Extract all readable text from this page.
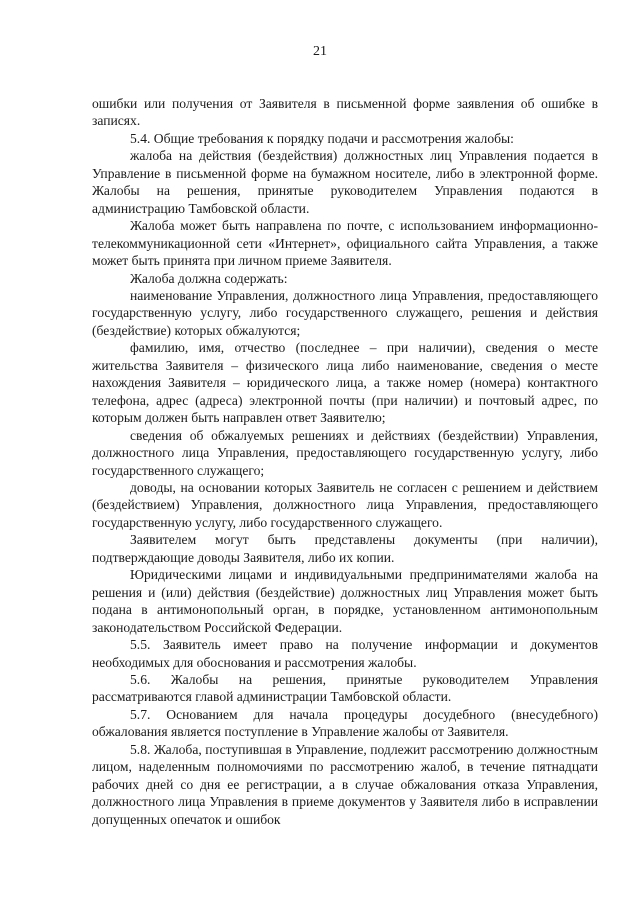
21

ошибки или получения от Заявителя в письменной форме заявления об ошибке в записях.

5.4. Общие требования к порядку подачи и рассмотрения жалобы:

жалоба на действия (бездействия) должностных лиц Управления подается в Управление в письменной форме на бумажном носителе, либо в электронной форме. Жалобы на решения, принятые руководителем Управления подаются в администрацию Тамбовской области.

Жалоба может быть направлена по почте, с использованием информационно-телекоммуникационной сети «Интернет», официального сайта Управления, а также может быть принята при личном приеме Заявителя.

Жалоба должна содержать:

наименование Управления, должностного лица Управления, предоставляющего государственную услугу, либо государственного служащего, решения и действия (бездействие) которых обжалуются;

фамилию, имя, отчество (последнее – при наличии), сведения о месте жительства Заявителя – физического лица либо наименование, сведения о месте нахождения Заявителя – юридического лица, а также номер (номера) контактного телефона, адрес (адреса) электронной почты (при наличии) и почтовый адрес, по которым должен быть направлен ответ Заявителю;

сведения об обжалуемых решениях и действиях (бездействии) Управления, должностного лица Управления, предоставляющего государственную услугу, либо государственного служащего;

доводы, на основании которых Заявитель не согласен с решением и действием (бездействием) Управления, должностного лица Управления, предоставляющего государственную услугу, либо государственного служащего.

Заявителем могут быть представлены документы (при наличии), подтверждающие доводы Заявителя, либо их копии.

Юридическими лицами и индивидуальными предпринимателями жалоба на решения и (или) действия (бездействие) должностных лиц Управления может быть подана в антимонопольный орган, в порядке, установленном антимонопольным законодательством Российской Федерации.

5.5. Заявитель имеет право на получение информации и документов необходимых для обоснования и рассмотрения жалобы.

5.6. Жалобы на решения, принятые руководителем Управления рассматриваются главой администрации Тамбовской области.

5.7. Основанием для начала процедуры досудебного (внесудебного) обжалования является поступление в Управление жалобы от Заявителя.

5.8. Жалоба, поступившая в Управление, подлежит рассмотрению должностным лицом, наделенным полномочиями по рассмотрению жалоб, в течение пятнадцати рабочих дней со дня ее регистрации, а в случае обжалования отказа Управления, должностного лица Управления в приеме документов у Заявителя либо в исправлении допущенных опечаток и ошибок
